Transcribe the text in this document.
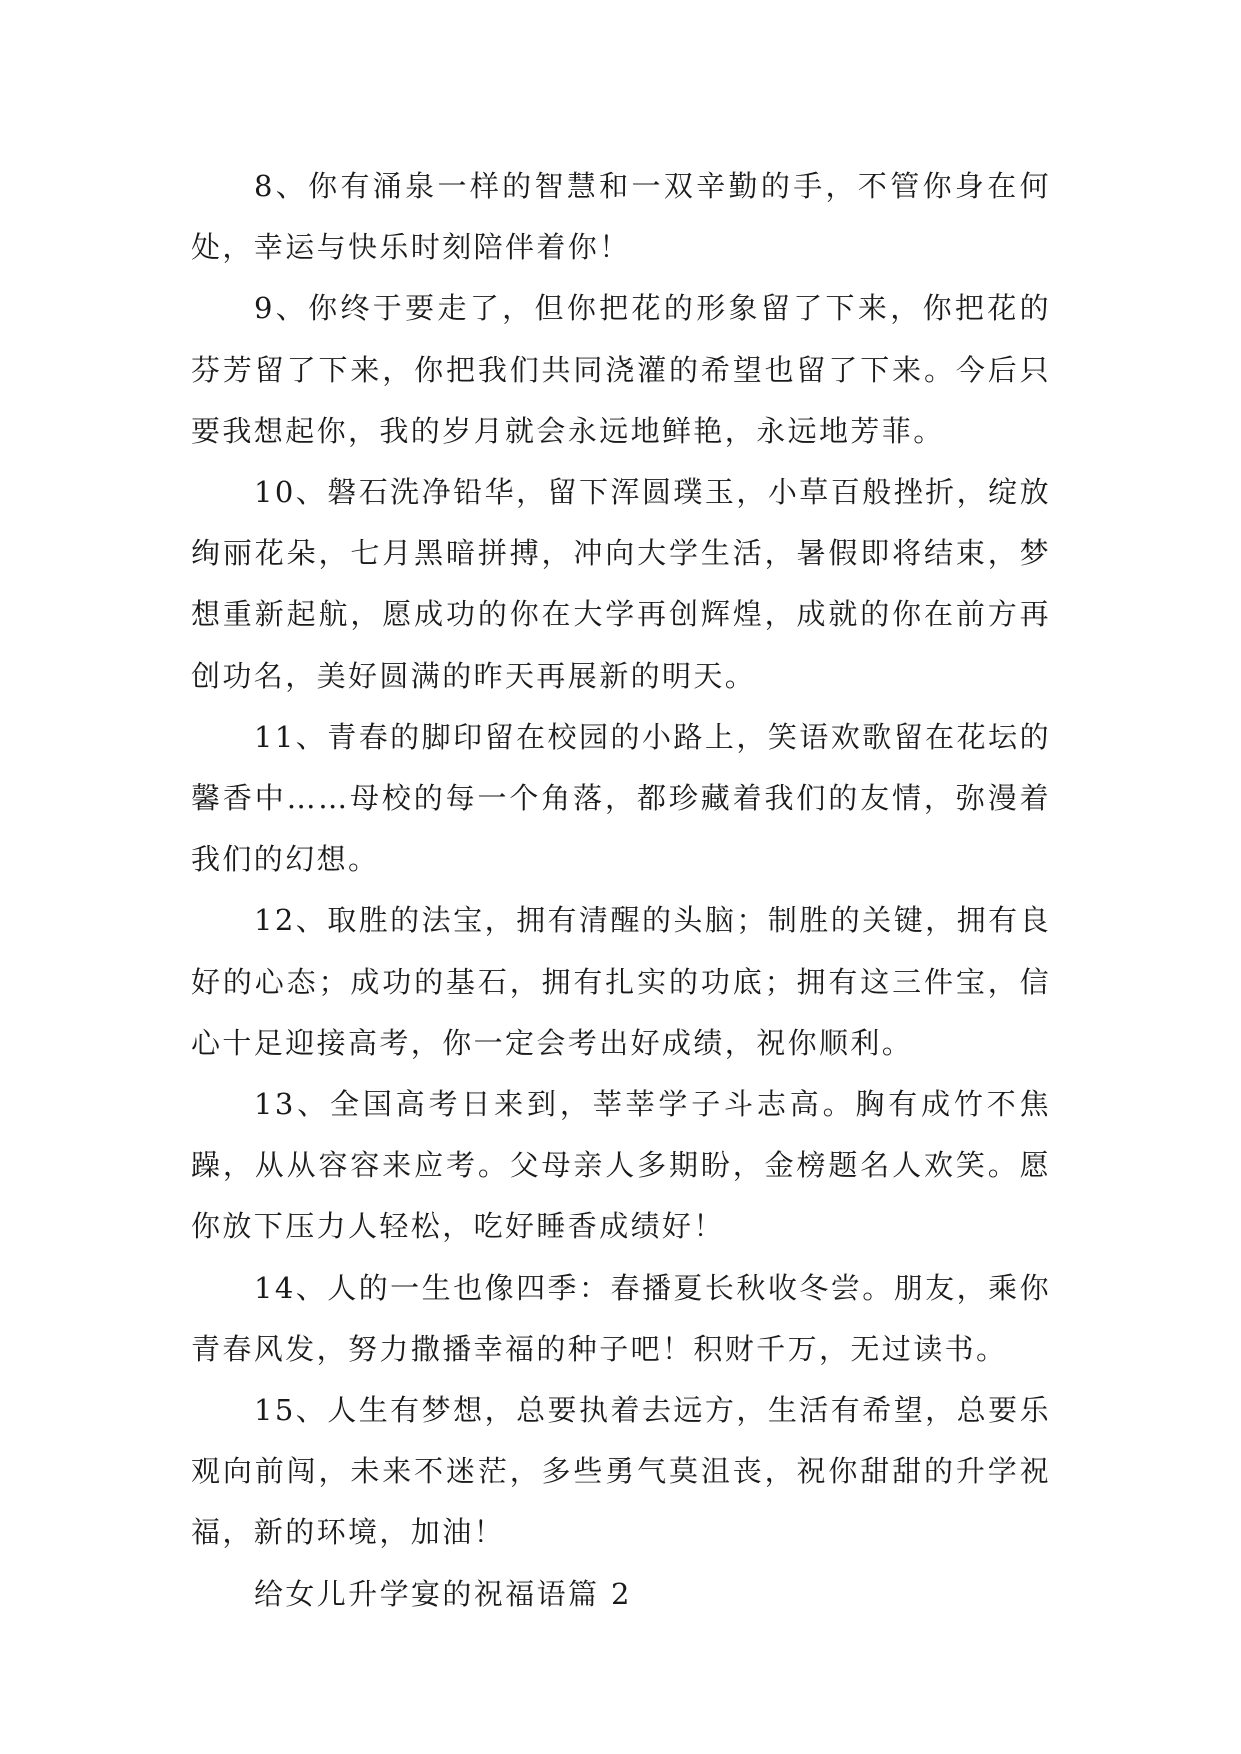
8、你有涌泉一样的智慧和一双辛勤的手，不管你身在何处，幸运与快乐时刻陪伴着你！

9、你终于要走了，但你把花的形象留了下来，你把花的芬芳留了下来，你把我们共同浇灌的希望也留了下来。今后只要我想起你，我的岁月就会永远地鲜艳，永远地芳菲。

10、磐石洗净铅华，留下浑圆璞玉，小草百般挫折，绽放绚丽花朵，七月黑暗拼搏，冲向大学生活，暑假即将结束，梦想重新起航，愿成功的你在大学再创辉煌，成就的你在前方再创功名，美好圆满的昨天再展新的明天。

11、青春的脚印留在校园的小路上，笑语欢歌留在花坛的馨香中……母校的每一个角落，都珍藏着我们的友情，弥漫着我们的幻想。

12、取胜的法宝，拥有清醒的头脑；制胜的关键，拥有良好的心态；成功的基石，拥有扎实的功底；拥有这三件宝，信心十足迎接高考，你一定会考出好成绩，祝你顺利。

13、全国高考日来到，莘莘学子斗志高。胸有成竹不焦躁，从从容容来应考。父母亲人多期盼，金榜题名人欢笑。愿你放下压力人轻松，吃好睡香成绩好！

14、人的一生也像四季：春播夏长秋收冬尝。朋友，乘你青春风发，努力撒播幸福的种子吧！积财千万，无过读书。

15、人生有梦想，总要执着去远方，生活有希望，总要乐观向前闯，未来不迷茫，多些勇气莫沮丧，祝你甜甜的升学祝福，新的环境，加油！

给女儿升学宴的祝福语篇 2
